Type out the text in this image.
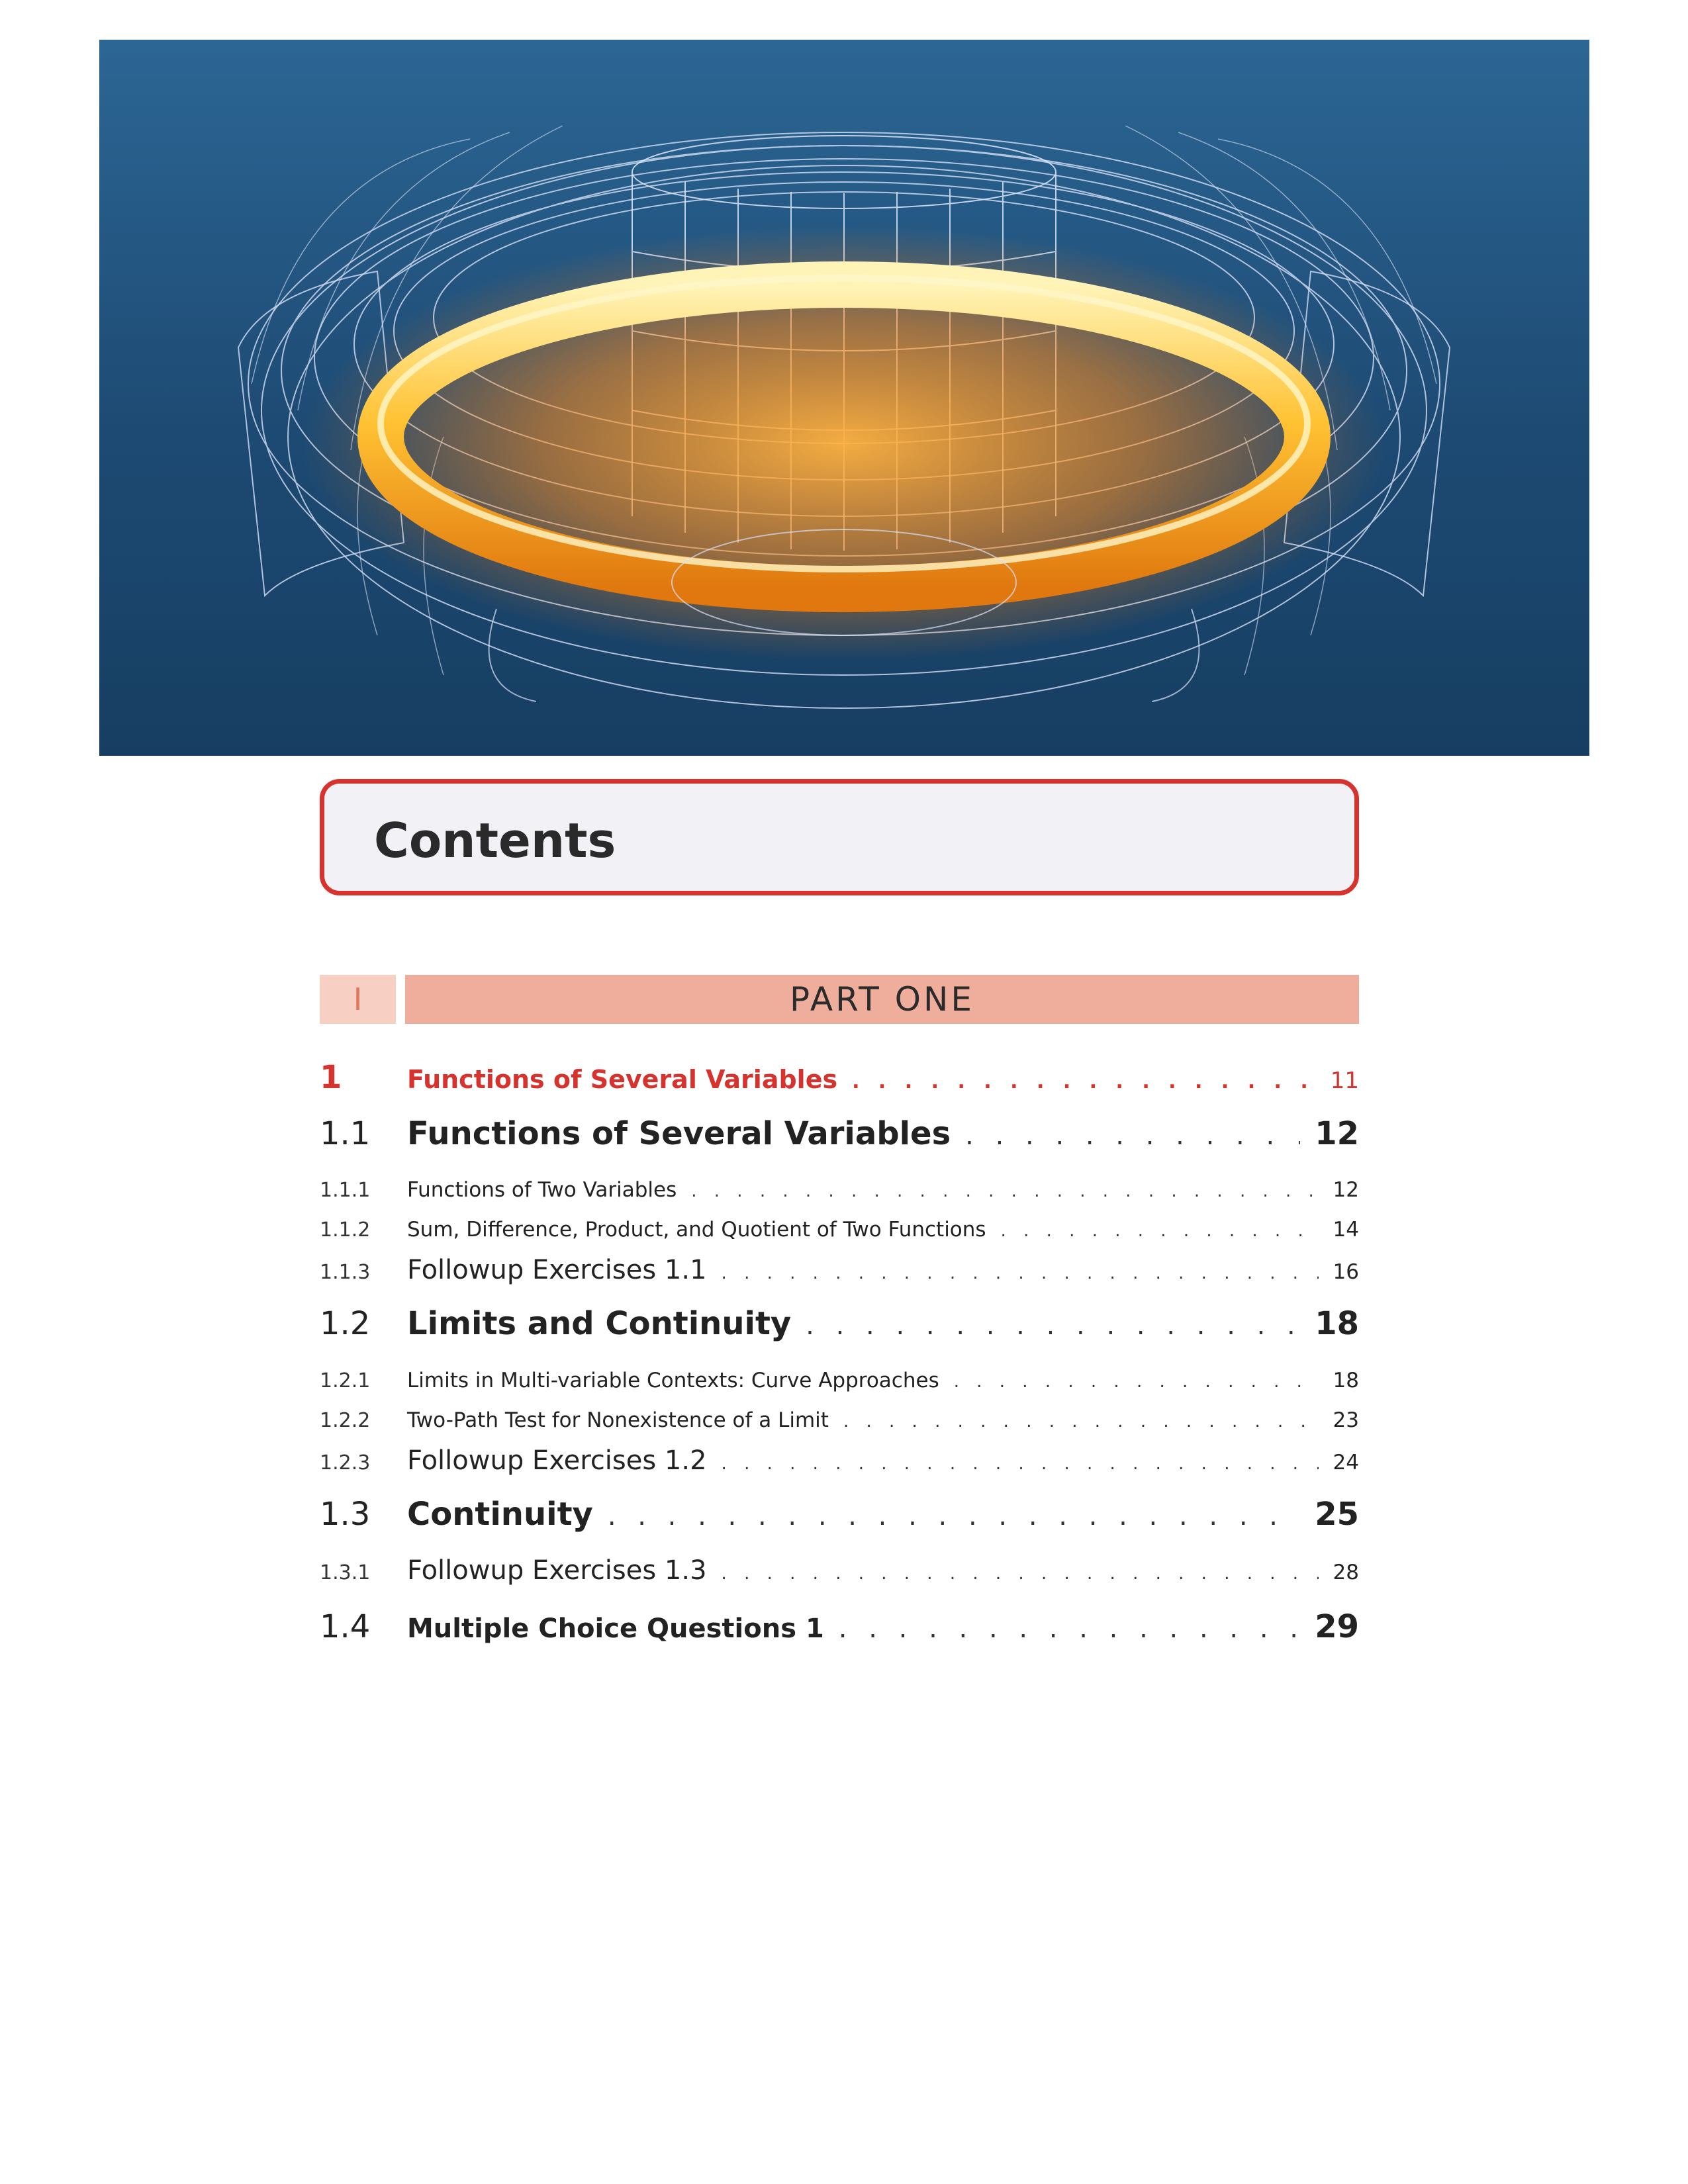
Contents
I	PART ONE
1	Functions of Several Variables . . .	11
1.1	Functions of Several Variables . . .	12
1.1.1	Functions of Two Variables . . .	12
1.1.2	Sum, Difference, Product, and Quotient of Two Functions . . .	14
1.1.3	Followup Exercises 1.1 . . .	16
1.2	Limits and Continuity . . .	18
1.2.1	Limits in Multi-variable Contexts: Curve Approaches . . .	18
1.2.2	Two-Path Test for Nonexistence of a Limit . . .	23
1.2.3	Followup Exercises 1.2 . . .	24
1.3	Continuity . . .	25
1.3.1	Followup Exercises 1.3 . . .	28
1.4	Multiple Choice Questions 1 . . .	29
